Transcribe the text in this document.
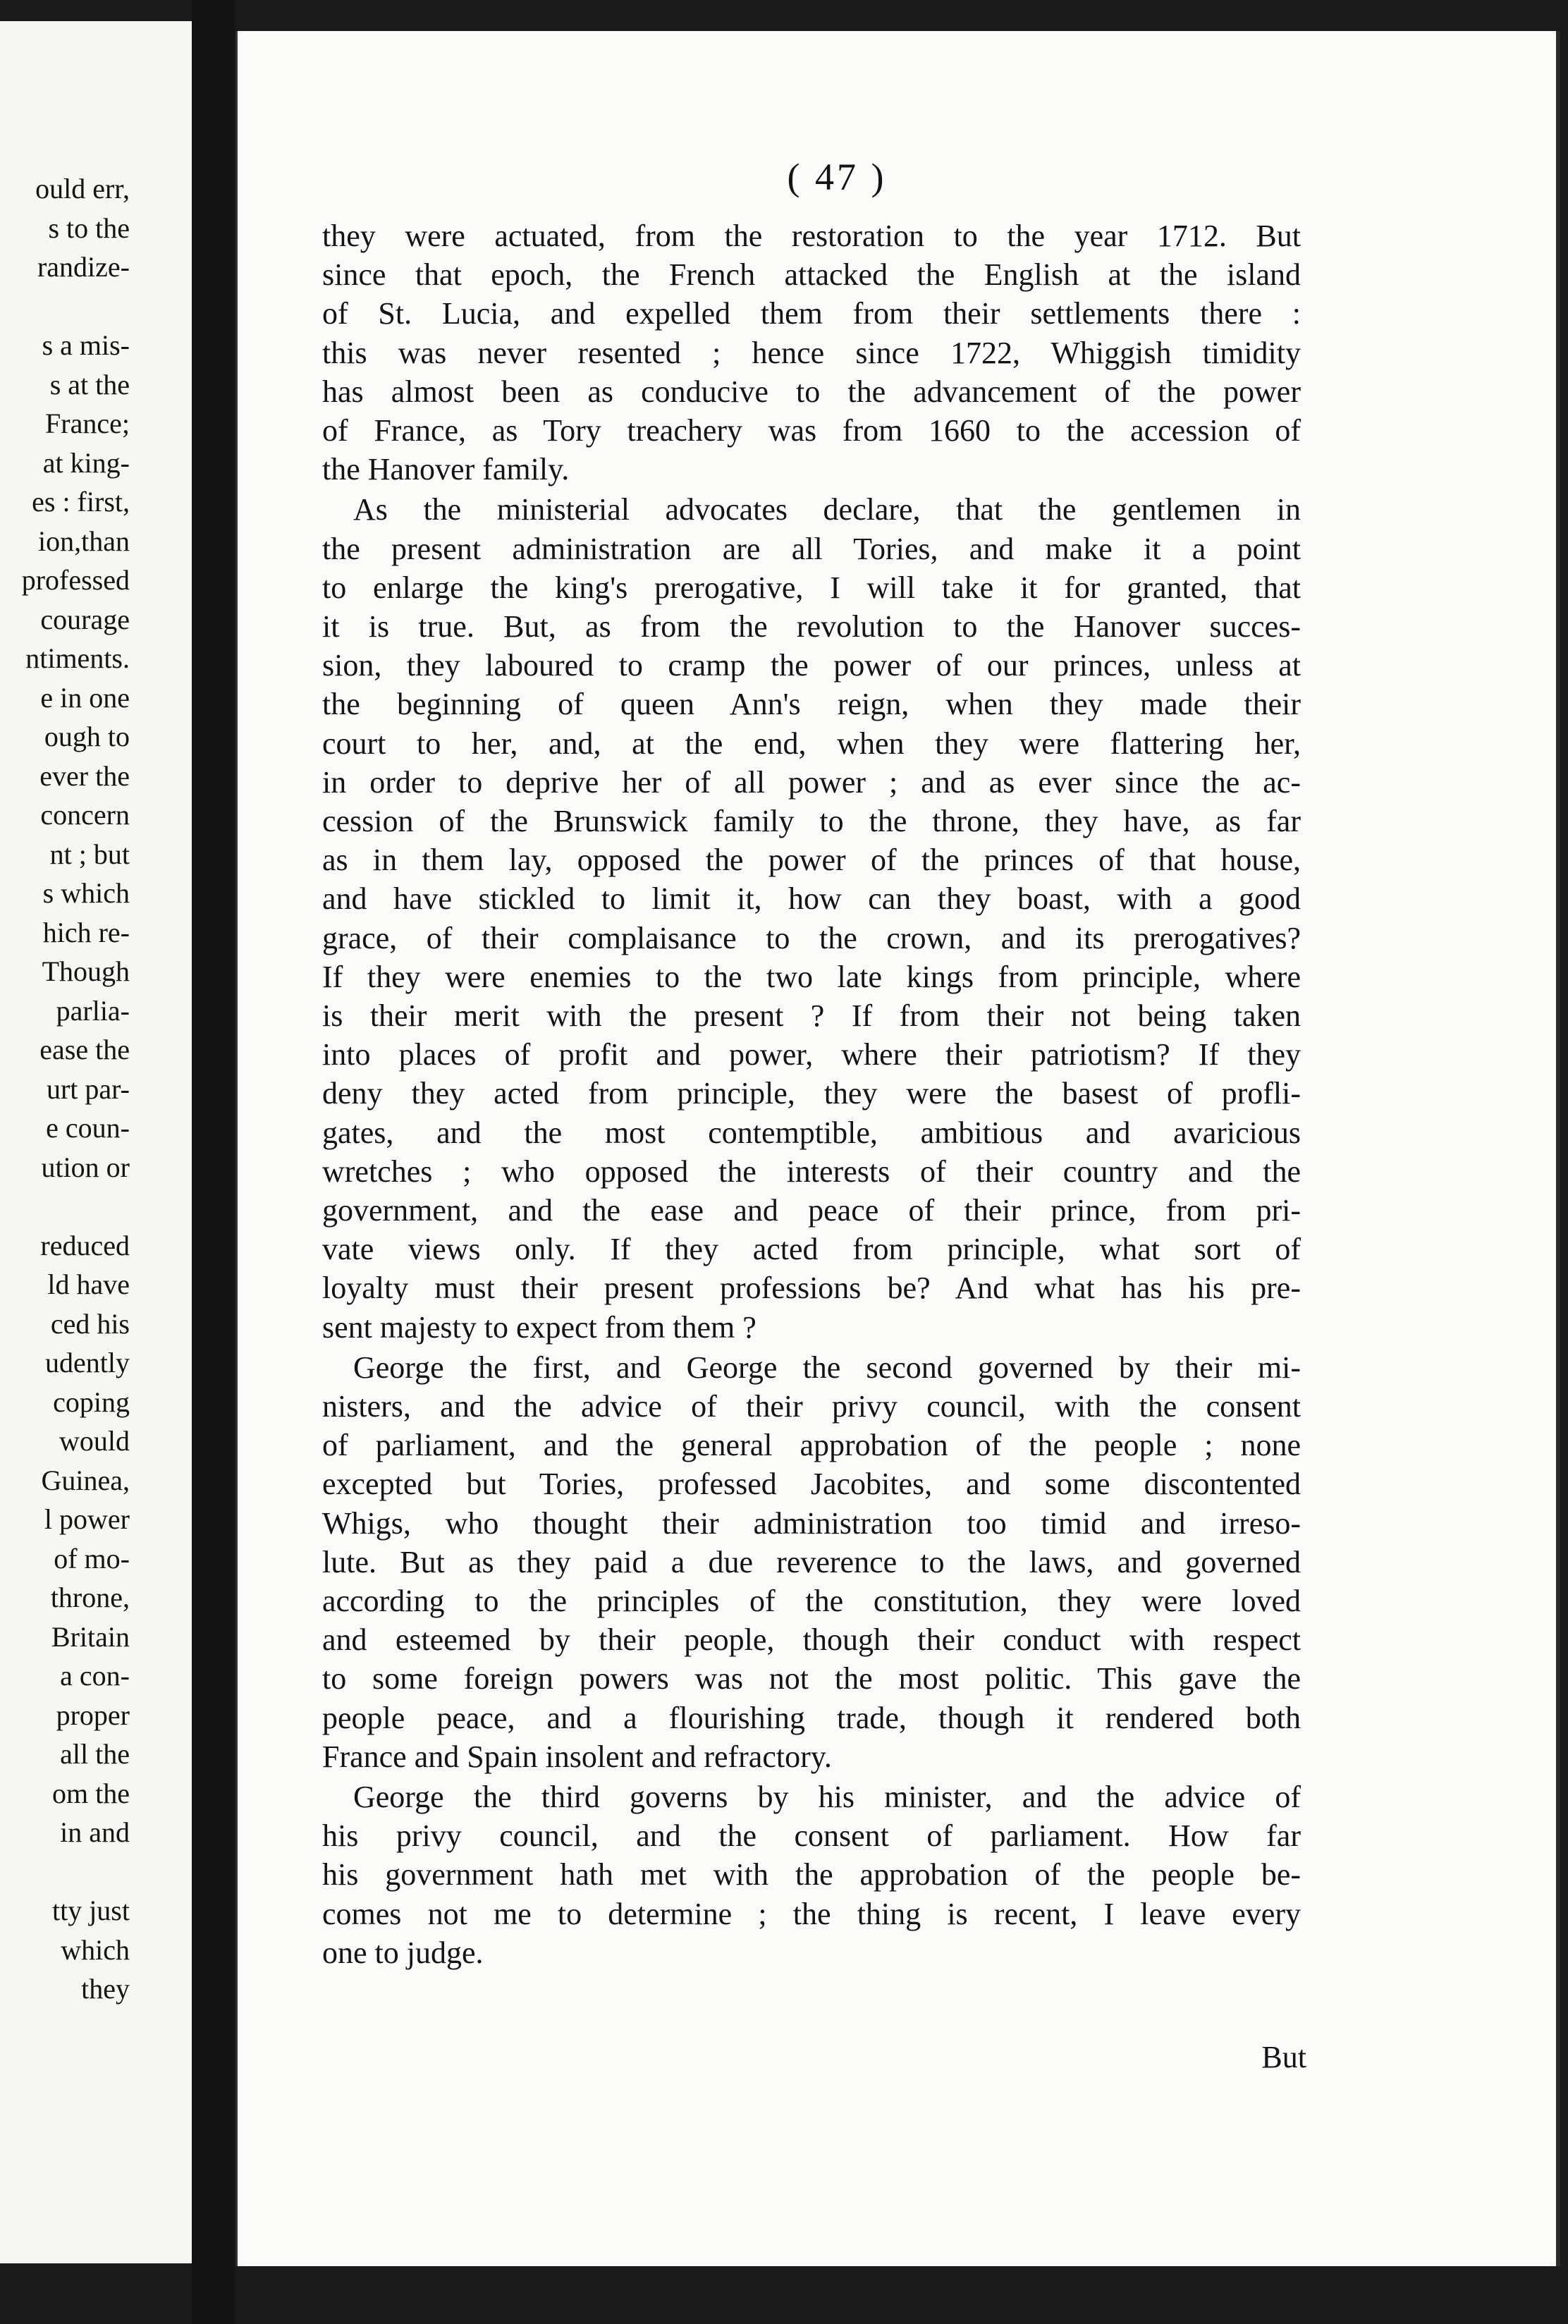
ould err,
s to the
randize-
s a mis-
s at the
France;
at king-
es : first,
ion,than
professed
courage
ntiments.
e in one
ough to
ever the
concern
nt ; but
s which
hich re-
Though
parlia-
ease the
urt par-
e coun-
ution or
reduced
ld have
ced his
udently
coping
would
Guinea,
l power
of mo-
throne,
Britain
a con-
proper
all the
om the
in and
tty just
which
they
( 47 )
But
they were actuated, from the restoration to the year 1712. But
since that epoch, the French attacked the English at the island
of St. Lucia, and expelled them from their settlements there :
this was never resented ; hence since 1722, Whiggish timidity
has almost been as conducive to the advancement of the power
of France, as Tory treachery was from 1660 to the accession of
the Hanover family.
As the ministerial advocates declare, that the gentlemen in
the present administration are all Tories, and make it a point
to enlarge the king's prerogative, I will take it for granted, that
it is true. But, as from the revolution to the Hanover succes-
sion, they laboured to cramp the power of our princes, unless at
the beginning of queen Ann's reign, when they made their
court to her, and, at the end, when they were flattering her,
in order to deprive her of all power ; and as ever since the ac-
cession of the Brunswick family to the throne, they have, as far
as in them lay, opposed the power of the princes of that house,
and have stickled to limit it, how can they boast, with a good
grace, of their complaisance to the crown, and its prerogatives?
If they were enemies to the two late kings from principle, where
is their merit with the present ? If from their not being taken
into places of profit and power, where their patriotism? If they
deny they acted from principle, they were the basest of profli-
gates, and the most contemptible, ambitious and avaricious
wretches ; who opposed the interests of their country and the
government, and the ease and peace of their prince, from pri-
vate views only. If they acted from principle, what sort of
loyalty must their present professions be? And what has his pre-
sent majesty to expect from them ?
George the first, and George the second governed by their mi-
nisters, and the advice of their privy council, with the consent
of parliament, and the general approbation of the people ; none
excepted but Tories, professed Jacobites, and some discontented
Whigs, who thought their administration too timid and irreso-
lute. But as they paid a due reverence to the laws, and governed
according to the principles of the constitution, they were loved
and esteemed by their people, though their conduct with respect
to some foreign powers was not the most politic. This gave the
people peace, and a flourishing trade, though it rendered both
France and Spain insolent and refractory.
George the third governs by his minister, and the advice of
his privy council, and the consent of parliament. How far
his government hath met with the approbation of the people be-
comes not me to determine ; the thing is recent, I leave every
one to judge.
